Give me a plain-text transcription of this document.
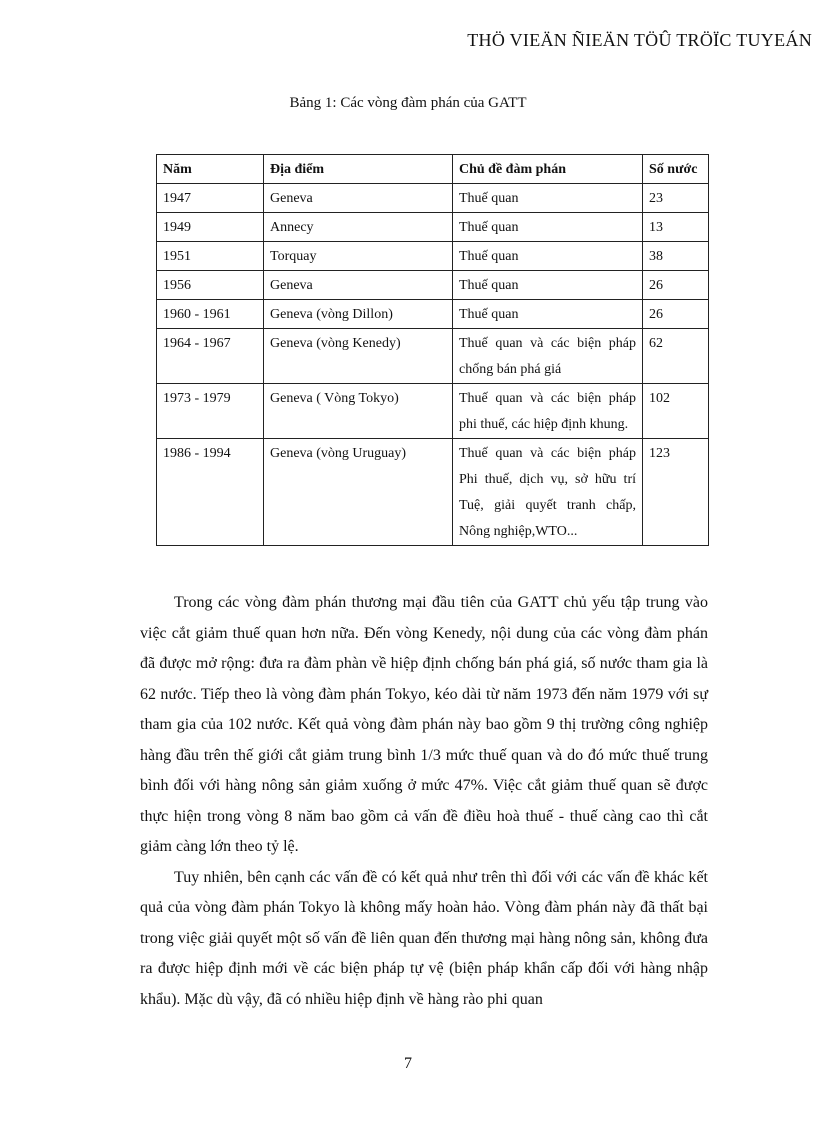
THÖ VIEÄN ÑIEÄN TÖÛ TRÖÏC TUYEÁN
Bảng 1: Các vòng đàm phán của GATT
Năm	Địa điểm	Chủ đề đàm phán	Số nước
1947	Geneva	Thuế quan	23
1949	Annecy	Thuế quan	13
1951	Torquay	Thuế quan	38
1956	Geneva	Thuế quan	26
1960 - 1961	Geneva (vòng Dillon)	Thuế quan	26
1964 - 1967	Geneva (vòng Kenedy)	Thuế quan và các biện pháp chống bán phá giá	62
1973 - 1979	Geneva ( Vòng Tokyo)	Thuế quan và các biện pháp phi thuế, các hiệp định khung.	102
1986 - 1994	Geneva (vòng Uruguay)	Thuế quan và các biện pháp Phi thuế, dịch vụ, sở hữu trí Tuệ, giải quyết tranh chấp, Nông nghiệp,WTO...	123

Trong các vòng đàm phán thương mại đầu tiên của GATT chủ yếu tập trung vào việc cắt giảm thuế quan hơn nữa. Đến vòng Kenedy, nội dung của các vòng đàm phán đã được mở rộng: đưa ra đàm phàn về hiệp định chống bán phá giá, số nước tham gia là 62 nước. Tiếp theo là vòng đàm phán Tokyo, kéo dài từ năm 1973 đến năm 1979 với sự tham gia của 102 nước. Kết quả vòng đàm phán này bao gồm 9 thị trường công nghiệp hàng đầu trên thế giới cắt giảm trung bình 1/3 mức thuế quan và do đó mức thuế trung bình đối với hàng nông sản giảm xuống ở mức 47%. Việc cắt giảm thuế quan sẽ được thực hiện trong vòng 8 năm bao gồm cả vấn đề điều hoà thuế - thuế càng cao thì cắt giảm càng lớn theo tỷ lệ.

Tuy nhiên, bên cạnh các vấn đề có kết quả như trên thì đối với các vấn đề khác kết quả của vòng đàm phán Tokyo là không mấy hoàn hảo. Vòng đàm phán này đã thất bại trong việc giải quyết một số vấn đề liên quan đến thương mại hàng nông sản, không đưa ra được hiệp định mới về các biện pháp tự vệ (biện pháp khẩn cấp đối với hàng nhập khẩu). Mặc dù vậy, đã có nhiều hiệp định về hàng rào phi quan

7
